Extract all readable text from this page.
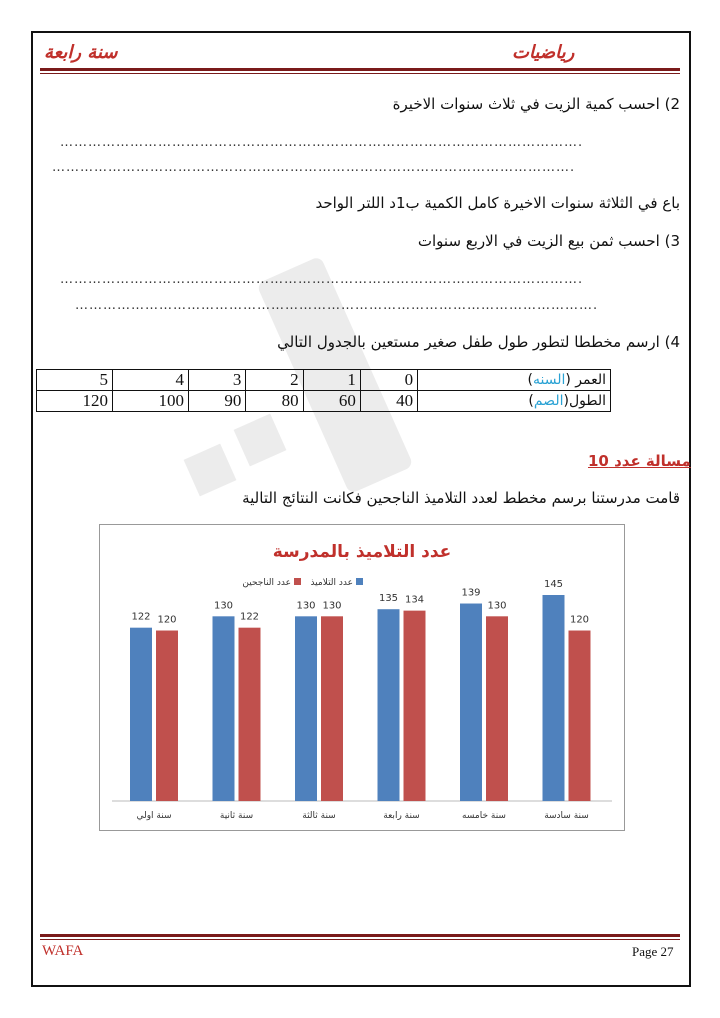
سنة رابعة	رياضيات
2) احسب كمية الزيت في ثلاث سنوات الاخيرة
………………………………………………………………………………………………….
………………………………………………………………………………………………….
باع في الثلاثة سنوات الاخيرة كامل الكمية ب1د اللتر الواحد
3) احسب ثمن بيع الزيت في الاربع سنوات
………………………………………………………………………………………………….
………………………………………………………………………………………………….
4) ارسم مخططا لتطور طول طفل صغير مستعين بالجدول التالي
5	4	3	2	1	0	العمر (السنه)
120	100	90	80	60	40	الطول(الصم)
مسالة عدد 10
قامت مدرستنا برسم مخطط لعدد التلاميذ الناجحين فكانت النتائج التالية
عدد التلاميذ بالمدرسة
عدد التلاميذ
عدد الناجحين
122 120
سنة اولي
130
122
سنة ثانية
130 130
سنة ثالثة
135 134
سنة رابعة
139
130
سنة خامسه
145
120
سنة سادسة
WAFA	Page 27
